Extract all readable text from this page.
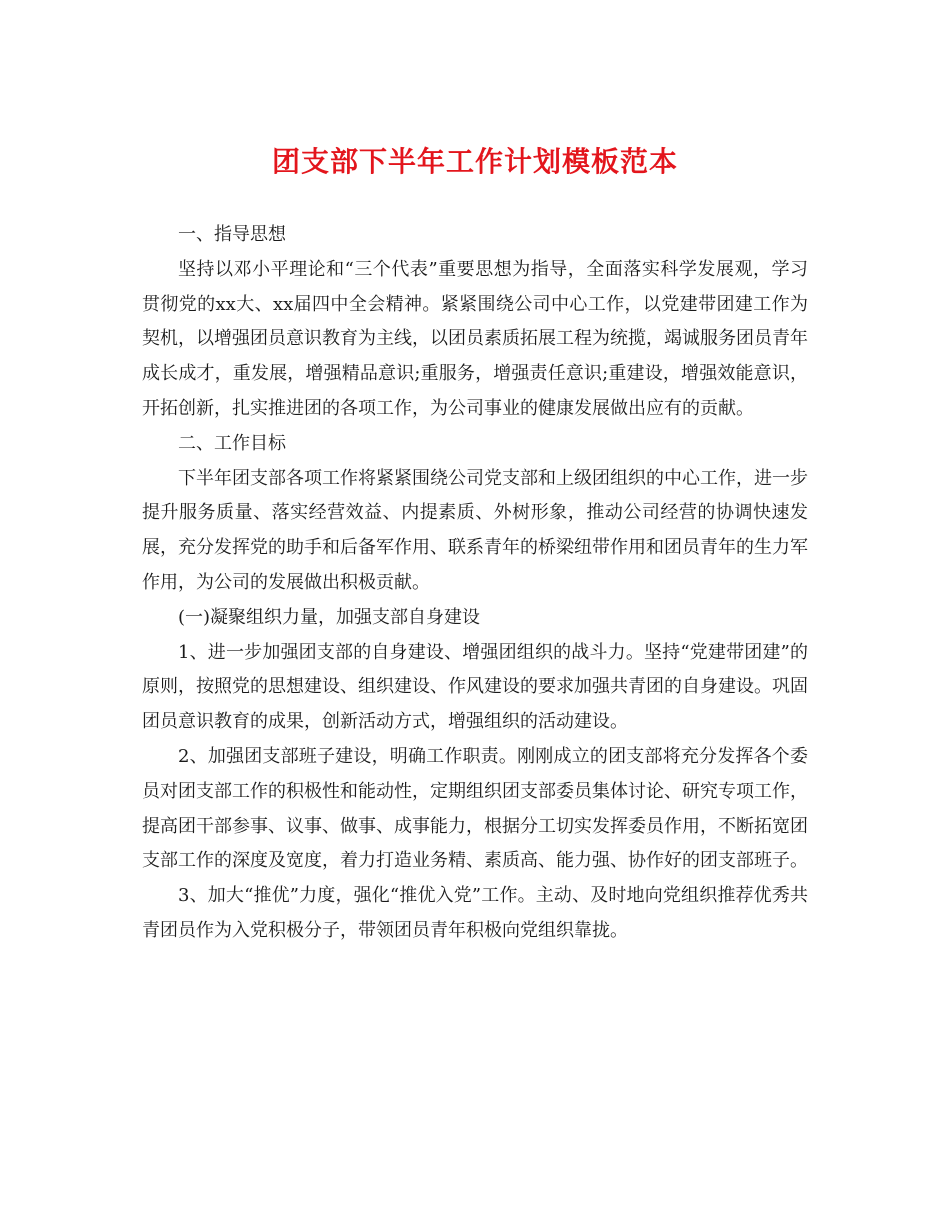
团支部下半年工作计划模板范本

一、指导思想

坚持以邓小平理论和“三个代表”重要思想为指导，全面落实科学发展观，学习贯彻党的xx大、xx届四中全会精神。紧紧围绕公司中心工作，以党建带团建工作为契机，以增强团员意识教育为主线，以团员素质拓展工程为统揽，竭诚服务团员青年成长成才，重发展，增强精品意识;重服务，增强责任意识;重建设，增强效能意识，开拓创新，扎实推进团的各项工作，为公司事业的健康发展做出应有的贡献。

二、工作目标

下半年团支部各项工作将紧紧围绕公司党支部和上级团组织的中心工作，进一步提升服务质量、落实经营效益、内提素质、外树形象，推动公司经营的协调快速发展，充分发挥党的助手和后备军作用、联系青年的桥梁纽带作用和团员青年的生力军作用，为公司的发展做出积极贡献。

(一)凝聚组织力量，加强支部自身建设

1、进一步加强团支部的自身建设、增强团组织的战斗力。坚持“党建带团建”的原则，按照党的思想建设、组织建设、作风建设的要求加强共青团的自身建设。巩固团员意识教育的成果，创新活动方式，增强组织的活动建设。

2、加强团支部班子建设，明确工作职责。刚刚成立的团支部将充分发挥各个委员对团支部工作的积极性和能动性，定期组织团支部委员集体讨论、研究专项工作，提高团干部参事、议事、做事、成事能力，根据分工切实发挥委员作用，不断拓宽团支部工作的深度及宽度，着力打造业务精、素质高、能力强、协作好的团支部班子。

3、加大“推优”力度，强化“推优入党”工作。主动、及时地向党组织推荐优秀共青团员作为入党积极分子，带领团员青年积极向党组织靠拢。
